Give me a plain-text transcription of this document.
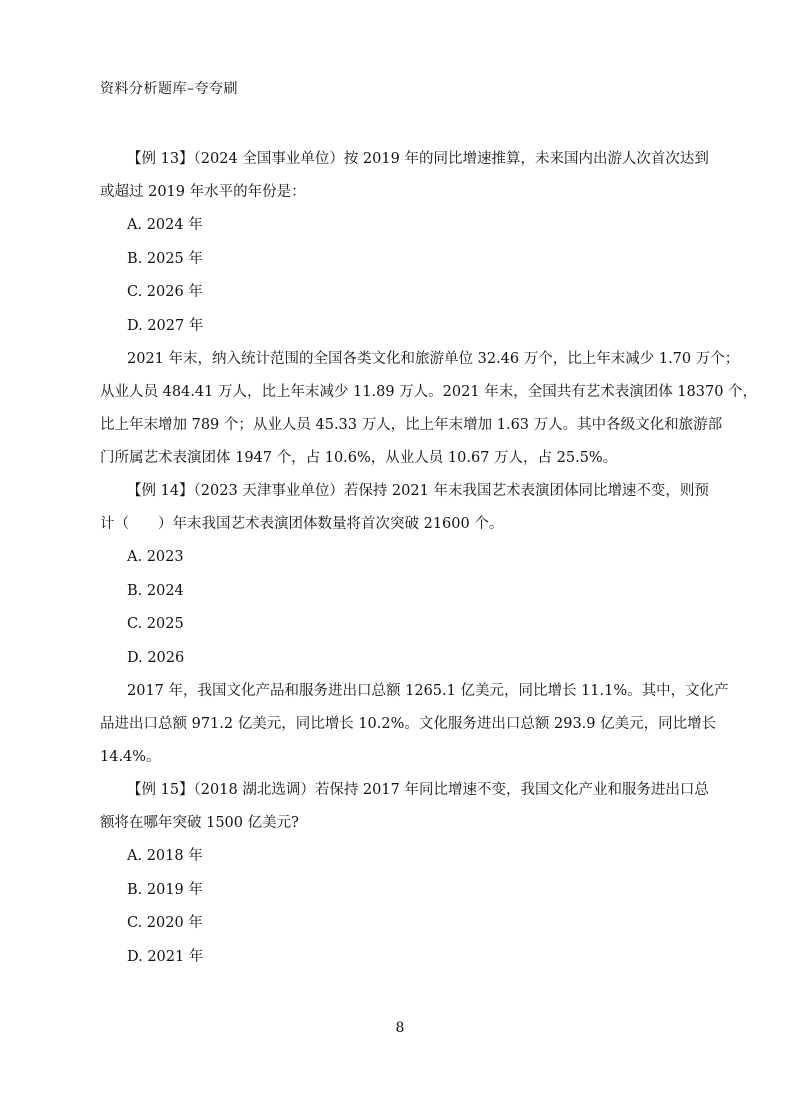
资料分析题库–夸夸刷

【例 13】（2024 全国事业单位）按 2019 年的同比增速推算，未来国内出游人次首次达到

或超过 2019 年水平的年份是：

A. 2024 年

B. 2025 年

C. 2026 年

D. 2027 年

2021 年末，纳入统计范围的全国各类文化和旅游单位 32.46 万个，比上年末减少 1.70 万个；

从业人员 484.41 万人，比上年末减少 11.89 万人。2021 年末，全国共有艺术表演团体 18370 个，

比上年末增加 789 个；从业人员 45.33 万人，比上年末增加 1.63 万人。其中各级文化和旅游部

门所属艺术表演团体 1947 个，占 10.6%，从业人员 10.67 万人，占 25.5%。

【例 14】（2023 天津事业单位）若保持 2021 年末我国艺术表演团体同比增速不变，则预

计（　　）年末我国艺术表演团体数量将首次突破 21600 个。

A. 2023

B. 2024

C. 2025

D. 2026

2017 年，我国文化产品和服务进出口总额 1265.1 亿美元，同比增长 11.1%。其中，文化产

品进出口总额 971.2 亿美元，同比增长 10.2%。文化服务进出口总额 293.9 亿美元，同比增长

14.4%。

【例 15】（2018 湖北选调）若保持 2017 年同比增速不变，我国文化产业和服务进出口总

额将在哪年突破 1500 亿美元?

A. 2018 年

B. 2019 年

C. 2020 年

D. 2021 年

8
